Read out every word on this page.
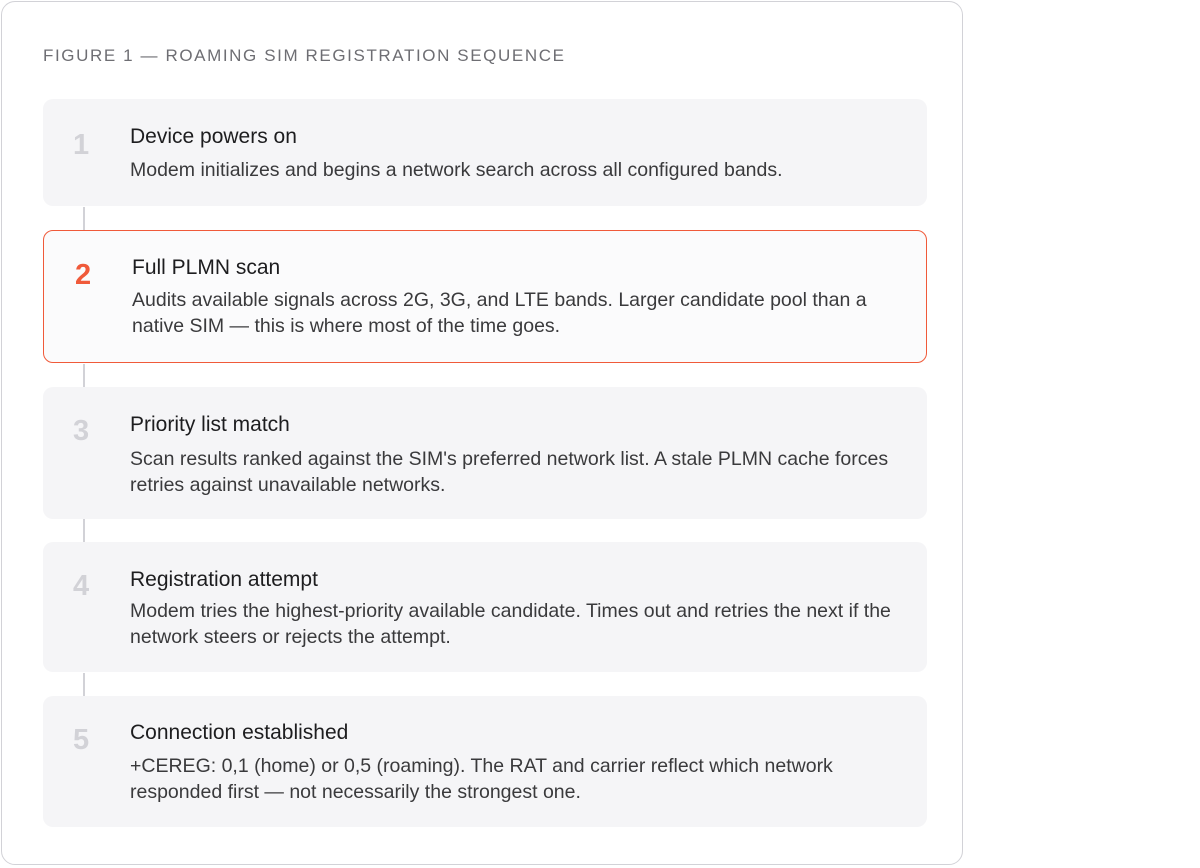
FIGURE 1 — ROAMING SIM REGISTRATION SEQUENCE
1 Device powers on
Modem initializes and begins a network search across all configured bands.
2 Full PLMN scan
Audits available signals across 2G, 3G, and LTE bands. Larger candidate pool than a native SIM — this is where most of the time goes.
3 Priority list match
Scan results ranked against the SIM's preferred network list. A stale PLMN cache forces retries against unavailable networks.
4 Registration attempt
Modem tries the highest-priority available candidate. Times out and retries the next if the network steers or rejects the attempt.
5 Connection established
+CEREG: 0,1 (home) or 0,5 (roaming). The RAT and carrier reflect which network responded first — not necessarily the strongest one.
